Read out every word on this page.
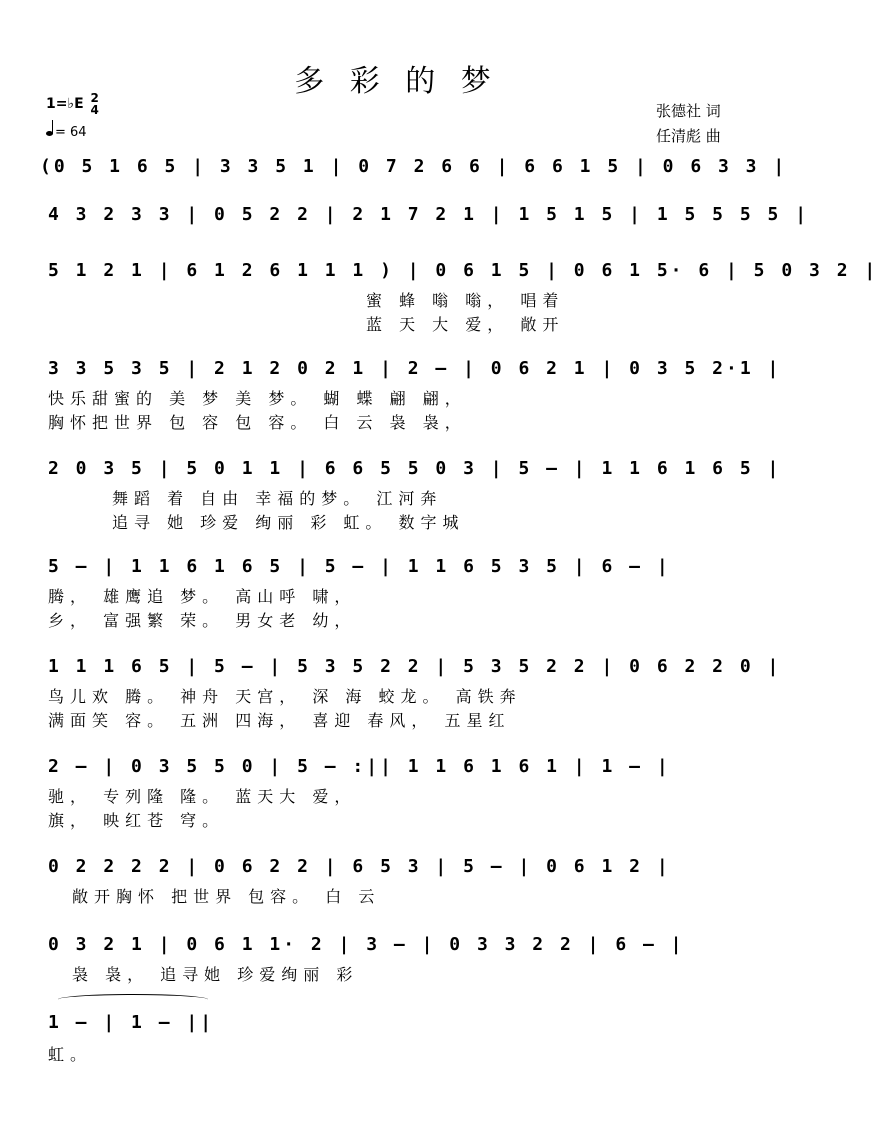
多 彩 的 梦
1=♭E 2
4
= 64
张德社 词
任清彪 曲
(0 5 1 6 5 | 3 3 5 1 | 0 7 2 6 6 | 6 6 1 5 | 0 6 3 3 |
4 3 2 3 3 | 0 5 2 2 | 2 1 7 2 1 | 1 5 1 5 | 1 5 5 5 5 |
5 1 2 1 | 6 1 2 6 1 1 1 ) | 0 6 1 5 | 0 6 1 5· 6 | 5 0 3 2 |
蜜 蜂 嗡 嗡， 唱着
蓝 天 大 爱， 敞开
3 3 5 3 5 | 2 1 2 0 2 1 | 2 – | 0 6 2 1 | 0 3 5 2·1 |
快乐甜蜜的 美 梦 美 梦。 蝴 蝶 翩 翩，
胸怀把世界 包 容 包 容。 白 云 袅 袅，
2 0 3 5 | 5 0 1 1 | 6 6 5 5 0 3 | 5 – | 1 1 6 1 6 5 |
舞蹈 着 自由 幸福的梦。 江河奔
追寻 她 珍爱 绚丽 彩 虹。 数字城
5 – | 1 1 6 1 6 5 | 5 – | 1 1 6 5 3 5 | 6 – |
腾， 雄鹰追 梦。 高山呼 啸，
乡， 富强繁 荣。 男女老 幼，
1 1 1 6 5 | 5 – | 5 3 5 2 2 | 5 3 5 2 2 | 0 6 2 2 0 |
鸟儿欢 腾。 神舟 天宫， 深 海 蛟龙。 高铁奔
满面笑 容。 五洲 四海， 喜迎 春风， 五星红
2 – | 0 3 5 5 0 | 5 – :|| 1 1 6 1 6 1 | 1 – |
驰， 专列隆 隆。 蓝天大 爱，
旗， 映红苍 穹。
0 2 2 2 2 | 0 6 2 2 | 6 5 3 | 5 – | 0 6 1 2 |
敞开胸怀 把世界 包容。 白 云
0 3 2 1 | 0 6 1 1· 2 | 3 – | 0 3 3 2 2 | 6 – |
袅 袅， 追寻她 珍爱绚丽 彩
1 – | 1 – ||
虹。
